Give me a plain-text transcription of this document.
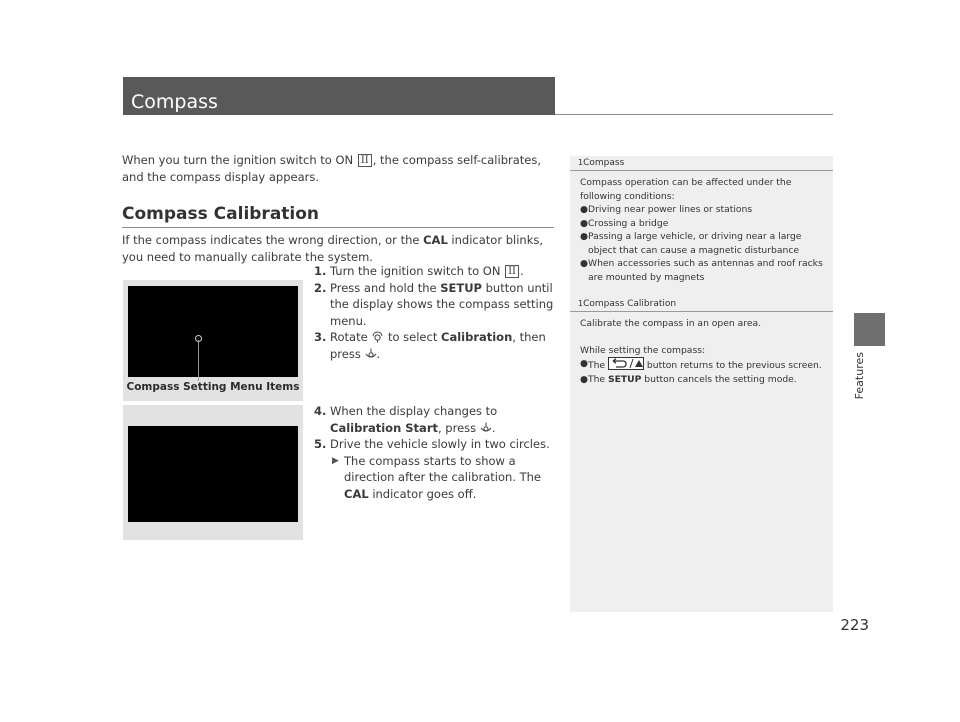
Compass
Features
223
When you turn the ignition switch to ON II , the compass self-calibrates, and the compass display appears.
Compass Calibration
If the compass indicates the wrong direction, or the CAL indicator blinks, you need to manually calibrate the system.
1. Turn the ignition switch to ON II .
2. Press and hold the SETUP button until the display shows the compass setting menu.
3. Rotate  to select Calibration, then press .
Compass Setting Menu Items
4. When the display changes to Calibration Start, press .
5. Drive the vehicle slowly in two circles.
▶ The compass starts to show a direction after the calibration. The CAL indicator goes off.
1Compass
Compass operation can be affected under the following conditions:
● Driving near power lines or stations
● Crossing a bridge
● Passing a large vehicle, or driving near a large object that can cause a magnetic disturbance
● When accessories such as antennas and roof racks are mounted by magnets
1Compass Calibration
Calibrate the compass in an open area.
While setting the compass:
● The	button returns to the previous screen.
● The SETUP button cancels the setting mode.
